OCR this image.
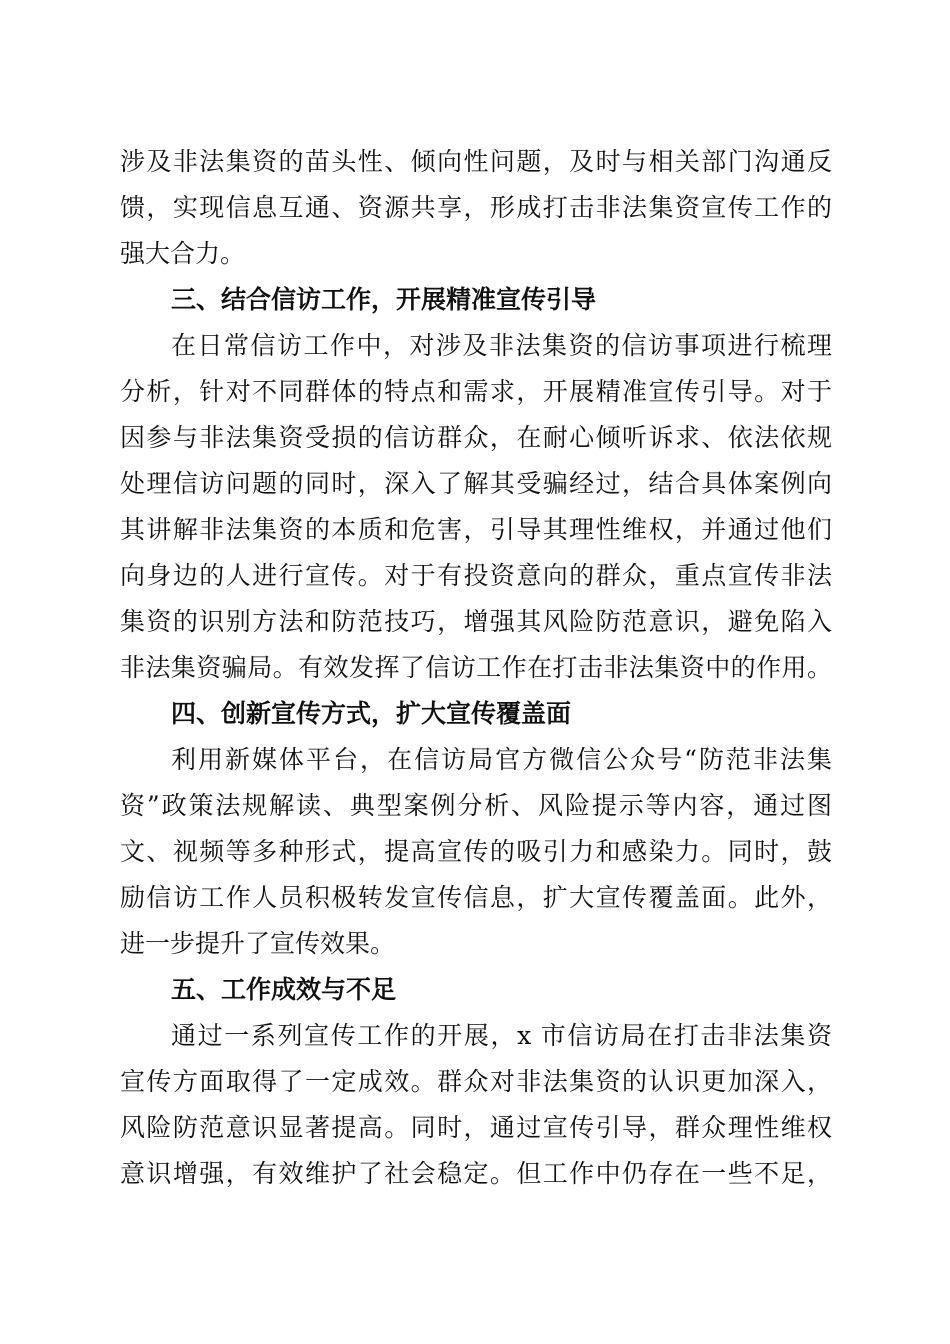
涉及非法集资的苗头性、倾向性问题，及时与相关部门沟通反
馈，实现信息互通、资源共享，形成打击非法集资宣传工作的
强大合力。
三、结合信访工作，开展精准宣传引导
在日常信访工作中，对涉及非法集资的信访事项进行梳理
分析，针对不同群体的特点和需求，开展精准宣传引导。对于
因参与非法集资受损的信访群众，在耐心倾听诉求、依法依规
处理信访问题的同时，深入了解其受骗经过，结合具体案例向
其讲解非法集资的本质和危害，引导其理性维权，并通过他们
向身边的人进行宣传。对于有投资意向的群众，重点宣传非法
集资的识别方法和防范技巧，增强其风险防范意识，避免陷入
非法集资骗局。有效发挥了信访工作在打击非法集资中的作用。
四、创新宣传方式，扩大宣传覆盖面
利用新媒体平台，在信访局官方微信公众号“防范非法集
资”政策法规解读、典型案例分析、风险提示等内容，通过图
文、视频等多种形式，提高宣传的吸引力和感染力。同时，鼓
励信访工作人员积极转发宣传信息，扩大宣传覆盖面。此外，
进一步提升了宣传效果。
五、工作成效与不足
通过一系列宣传工作的开展，x 市信访局在打击非法集资
宣传方面取得了一定成效。群众对非法集资的认识更加深入，
风险防范意识显著提高。同时，通过宣传引导，群众理性维权
意识增强，有效维护了社会稳定。但工作中仍存在一些不足，
